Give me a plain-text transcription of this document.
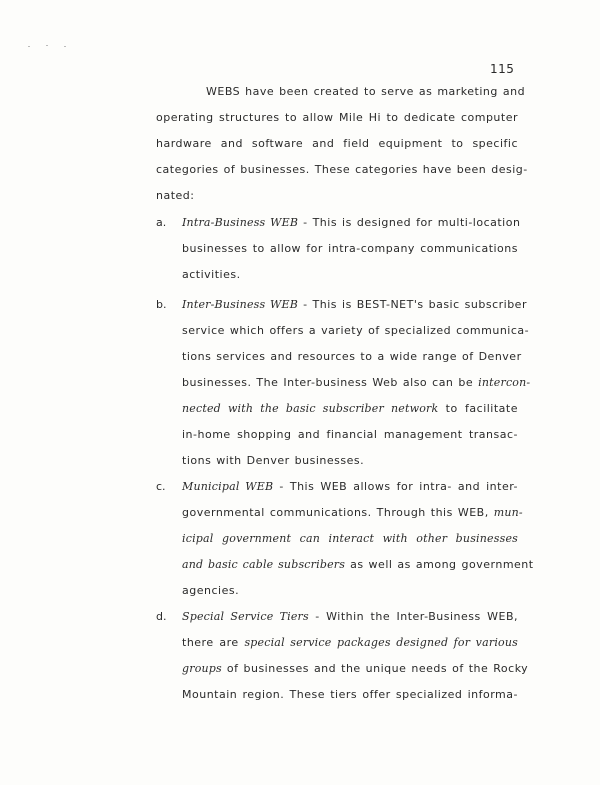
115
WEBS have been created to serve as marketing and
operating structures to allow Mile Hi to dedicate computer
hardware and software and field equipment to specific
categories of businesses. These categories have been desig-
nated:
a. Intra-Business WEB - This is designed for multi-location
businesses to allow for intra-company communications
activities.
b. Inter-Business WEB - This is BEST-NET's basic subscriber
service which offers a variety of specialized communica-
tions services and resources to a wide range of Denver
businesses. The Inter-business Web also can be intercon-
nected with the basic subscriber network to facilitate
in-home shopping and financial management transac-
tions with Denver businesses.
c. Municipal WEB - This WEB allows for intra- and inter-
governmental communications. Through this WEB, mun-
icipal government can interact with other businesses
and basic cable subscribers as well as among government
agencies.
d. Special Service Tiers - Within the Inter-Business WEB,
there are special service packages designed for various
groups of businesses and the unique needs of the Rocky
Mountain region. These tiers offer specialized informa-
